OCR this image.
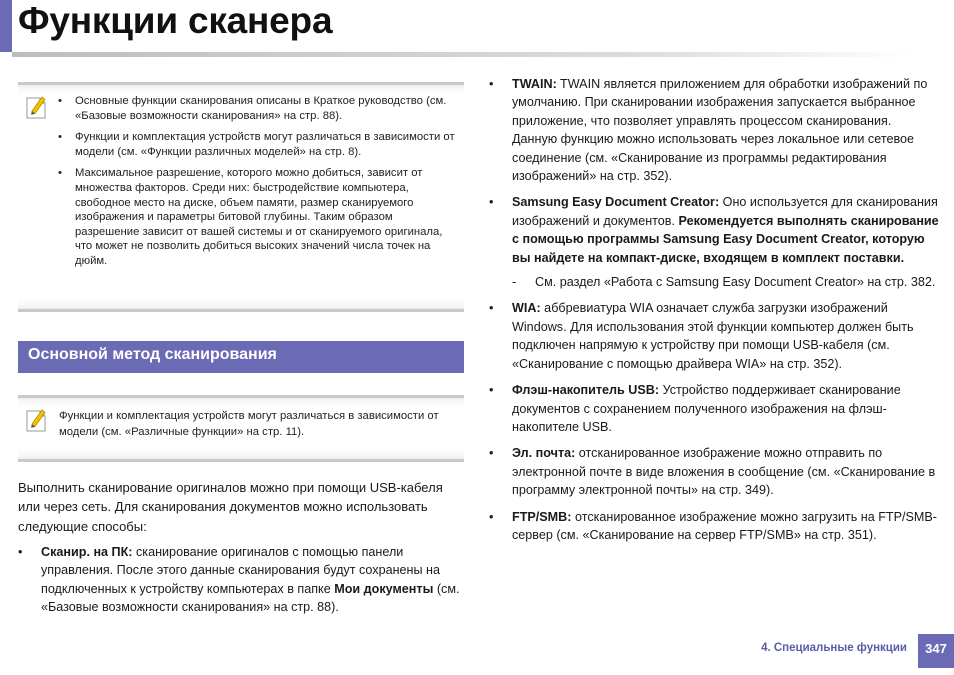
Функции сканера
• Основные функции сканирования описаны в Краткое руководство (см. «Базовые возможности сканирования» на стр. 88).
• Функции и комплектация устройств могут различаться в зависимости от модели (см. «Функции различных моделей» на стр. 8).
• Максимальное разрешение, которого можно добиться, зависит от множества факторов. Среди них: быстродействие компьютера, свободное место на диске, объем памяти, размер сканируемого изображения и параметры битовой глубины. Таким образом разрешение зависит от вашей системы и от сканируемого оригинала, что может не позволить добиться высоких значений числа точек на дюйм.
Основной метод сканирования
Функции и комплектация устройств могут различаться в зависимости от модели (см. «Различные функции» на стр. 11).

Выполнить сканирование оригиналов можно при помощи USB-кабеля или через сеть. Для сканирования документов можно использовать следующие способы:

• Сканир. на ПК: сканирование оригиналов с помощью панели управления. После этого данные сканирования будут сохранены на подключенных к устройству компьютерах в папке Мои документы (см. «Базовые возможности сканирования» на стр. 88).
• TWAIN: TWAIN является приложением для обработки изображений по умолчанию. При сканировании изображения запускается выбранное приложение, что позволяет управлять процессом сканирования. Данную функцию можно использовать через локальное или сетевое соединение (см. «Сканирование из программы редактирования изображений» на стр. 352).
• Samsung Easy Document Creator: Оно используется для сканирования изображений и документов. Рекомендуется выполнять сканирование с помощью программы Samsung Easy Document Creator, которую вы найдете на компакт-диске, входящем в комплект поставки.
- См. раздел «Работа с Samsung Easy Document Creator» на стр. 382.
• WIA: аббревиатура WIA означает служба загрузки изображений Windows. Для использования этой функции компьютер должен быть подключен напрямую к устройству при помощи USB-кабеля (см. «Сканирование с помощью драйвера WIA» на стр. 352).
• Флэш-накопитель USB: Устройство поддерживает сканирование документов с сохранением полученного изображения на флэш-накопителе USB.
• Эл. почта: отсканированное изображение можно отправить по электронной почте в виде вложения в сообщение (см. «Сканирование в программу электронной почты» на стр. 349).
• FTP/SMB: отсканированное изображение можно загрузить на FTP/SMB-сервер (см. «Сканирование на сервер FTP/SMB» на стр. 351).
4. Специальные функции	347
